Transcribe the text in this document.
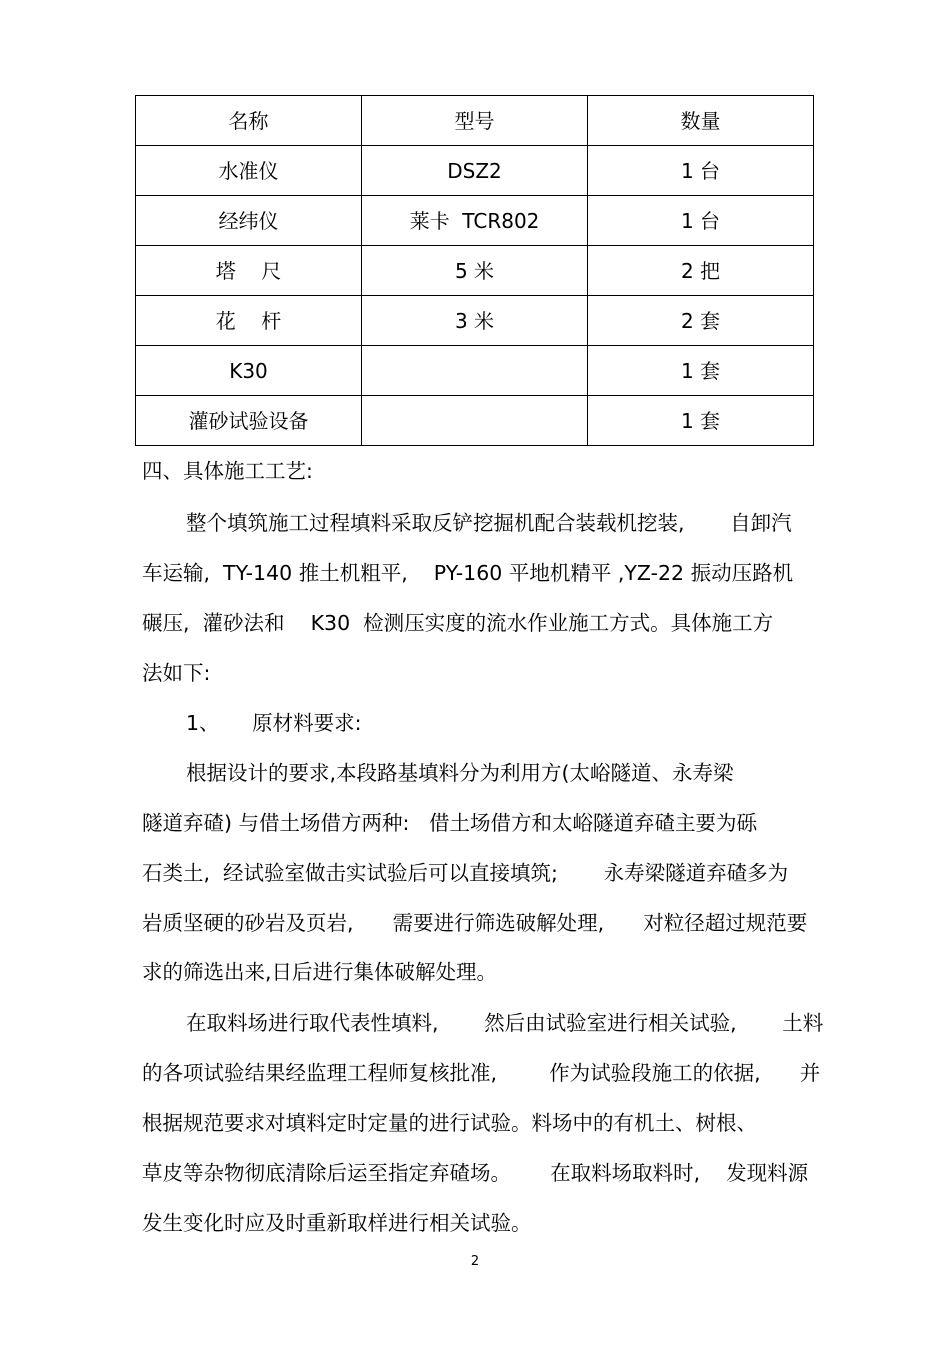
名称	型号	数量
水准仪	DSZ2	1 台
经纬仪	莱卡  TCR802	1 台
塔    尺	5 米	2 把
花    杆	3 米	2 套
K30		1 套
灌砂试验设备		1 套
四、具体施工工艺:
整个填筑施工过程填料采取反铲挖掘机配合装载机挖装,       自卸汽
车运输,  TY-140 推土机粗平,    PY-160 平地机精平 ,YZ-22 振动压路机
碾压,  灌砂法和    K30  检测压实度的流水作业施工方式。具体施工方
法如下:
1、     原材料要求:
根据设计的要求,本段路基填料分为利用方(太峪隧道、永寿梁
隧道弃碴) 与借土场借方两种:   借土场借方和太峪隧道弃碴主要为砾
石类土,  经试验室做击实试验后可以直接填筑;       永寿梁隧道弃碴多为
岩质坚硬的砂岩及页岩,      需要进行筛选破解处理,      对粒径超过规范要
求的筛选出来,日后进行集体破解处理。
在取料场进行取代表性填料,       然后由试验室进行相关试验,       土料
的各项试验结果经监理工程师复核批准,        作为试验段施工的依据,      并
根据规范要求对填料定时定量的进行试验。料场中的有机土、树根、
草皮等杂物彻底清除后运至指定弃碴场。      在取料场取料时,    发现料源
发生变化时应及时重新取样进行相关试验。
2
